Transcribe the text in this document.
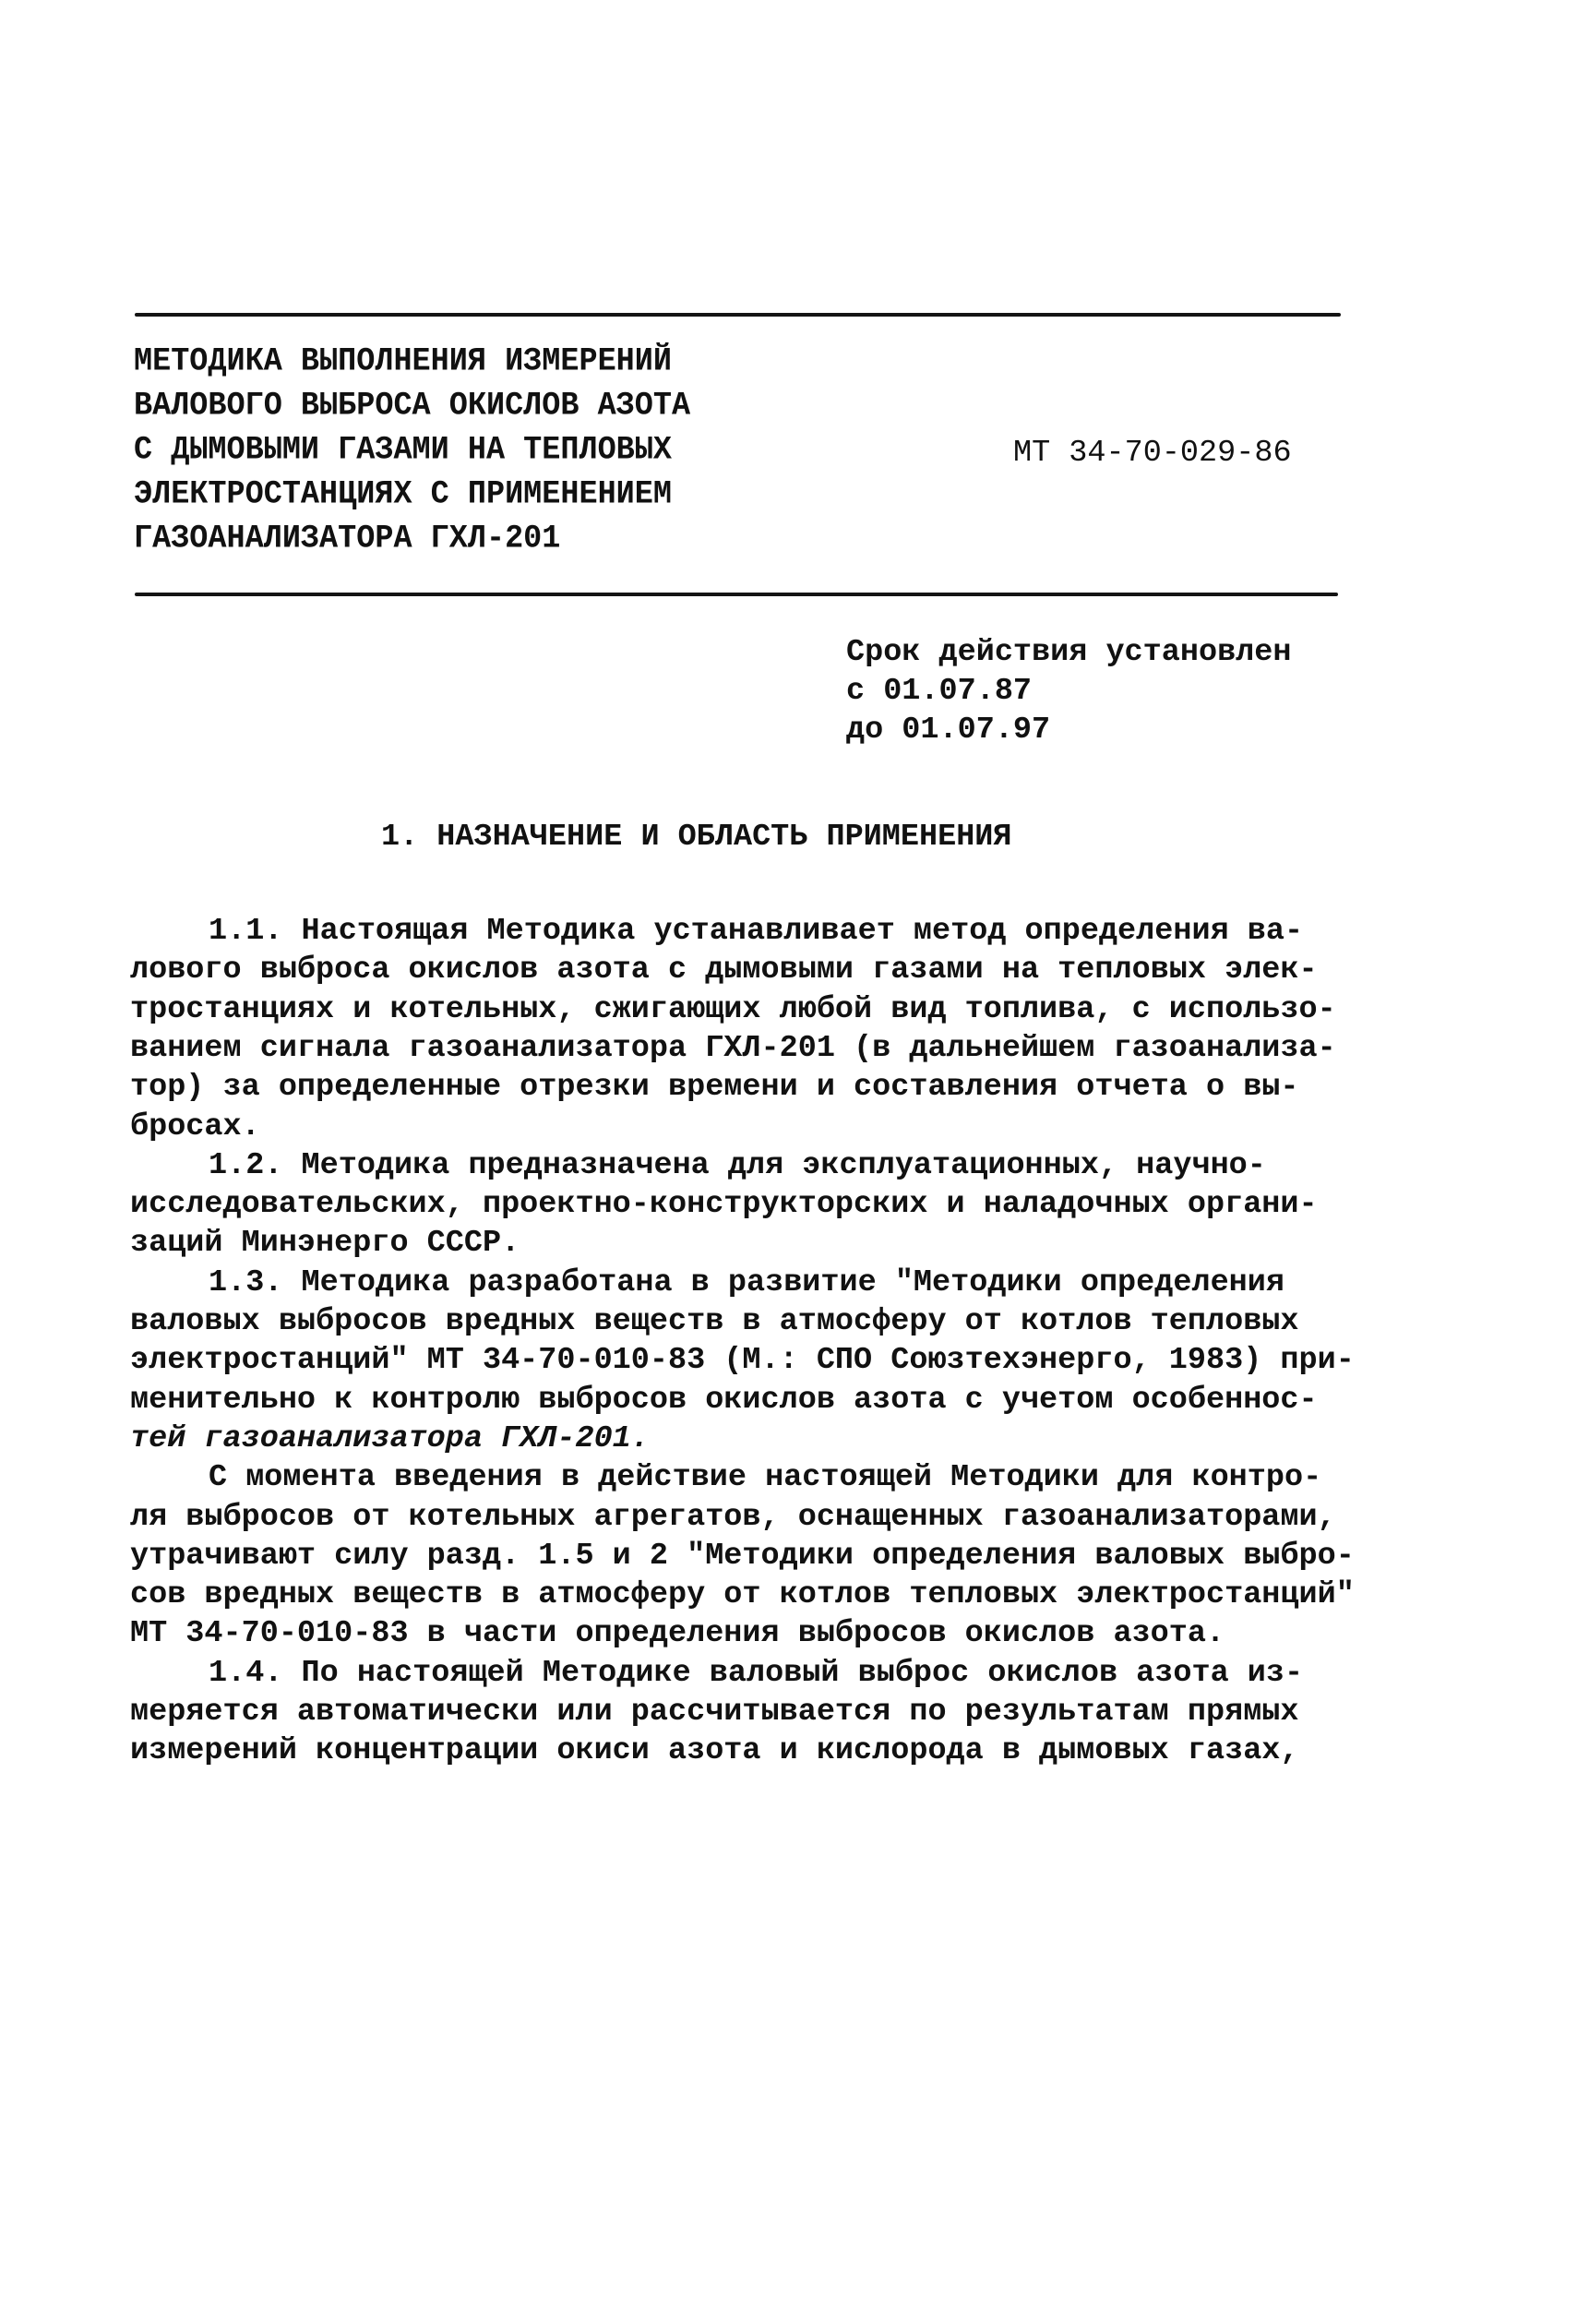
МЕТОДИКА ВЫПОЛНЕНИЯ ИЗМЕРЕНИЙ
ВАЛОВОГО ВЫБРОСА ОКИСЛОВ АЗОТА
С ДЫМОВЫМИ ГАЗАМИ НА ТЕПЛОВЫХ
ЭЛЕКТРОСТАНЦИЯХ С ПРИМЕНЕНИЕМ
ГАЗОАНАЛИЗАТОРА ГХЛ-201
МТ 34-70-029-86
Срок действия установлен
с 01.07.87
до 01.07.97
1. НАЗНАЧЕНИЕ И ОБЛАСТЬ ПРИМЕНЕНИЯ
1.1. Настоящая Методика устанавливает метод определения ва-
лового выброса окислов азота с дымовыми газами на тепловых элек-
тростанциях и котельных, сжигающих любой вид топлива, с использо-
ванием сигнала газоанализатора ГХЛ-201 (в дальнейшем газоанализа-
тор) за определенные отрезки времени и составления отчета о вы-
бросах.
1.2. Методика предназначена для эксплуатационных, научно-
исследовательских, проектно-конструкторских и наладочных органи-
заций Минэнерго СССР.
1.3. Методика разработана в развитие "Методики определения
валовых выбросов вредных веществ в атмосферу от котлов тепловых
электростанций" МТ 34-70-010-83 (М.: СПО Союзтехэнерго, 1983) при-
менительно к контролю выбросов окислов азота с учетом особеннос-
тей газоанализатора ГХЛ-201.
С момента введения в действие настоящей Методики для контро-
ля выбросов от котельных агрегатов, оснащенных газоанализаторами,
утрачивают силу разд. 1.5 и 2 "Методики определения валовых выбро-
сов вредных веществ в атмосферу от котлов тепловых электростанций"
МТ 34-70-010-83 в части определения выбросов окислов азота.
1.4. По настоящей Методике валовый выброс окислов азота из-
меряется автоматически или рассчитывается по результатам прямых
измерений концентрации окиси азота и кислорода в дымовых газах,
